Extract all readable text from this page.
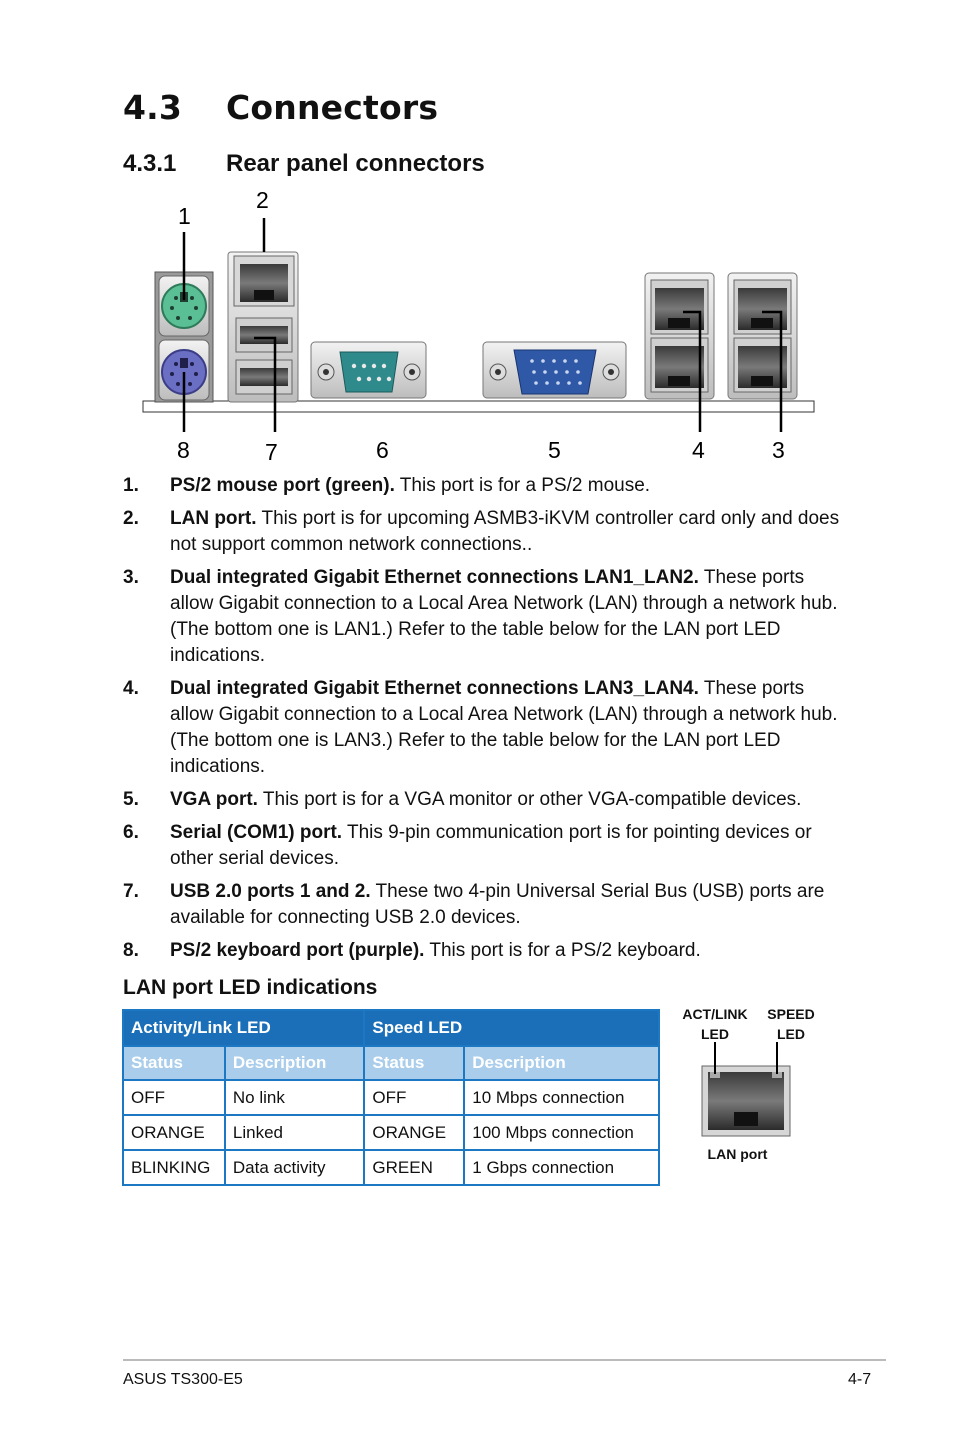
4.3 Connectors
4.3.1 Rear panel connectors
1
2
8	7	6	5	4	3
1. PS/2 mouse port (green). This port is for a PS/2 mouse.
2. LAN port. This port is for upcoming ASMB3-iKVM controller card only and does not support common network connections..
3. Dual integrated Gigabit Ethernet connections LAN1_LAN2. These ports allow Gigabit connection to a Local Area Network (LAN) through a network hub. (The bottom one is LAN1.) Refer to the table below for the LAN port LED indications.
4. Dual integrated Gigabit Ethernet connections LAN3_LAN4. These ports allow Gigabit connection to a Local Area Network (LAN) through a network hub. (The bottom one is LAN3.) Refer to the table below for the LAN port LED indications.
5. VGA port. This port is for a VGA monitor or other VGA-compatible devices.
6. Serial (COM1) port. This 9-pin communication port is for pointing devices or other serial devices.
7. USB 2.0 ports 1 and 2. These two 4-pin Universal Serial Bus (USB) ports are available for connecting USB 2.0 devices.
8. PS/2 keyboard port (purple). This port is for a PS/2 keyboard.
LAN port LED indications
Activity/Link LED		Speed LED	
Status	Description	Status	Description
OFF	No link	OFF	10 Mbps connection
ORANGE	Linked	ORANGE	100 Mbps connection
BLINKING	Data activity	GREEN	1 Gbps connection
ACT/LINK
LED
SPEED
LED
LAN port
ASUS TS300-E5	4-7
